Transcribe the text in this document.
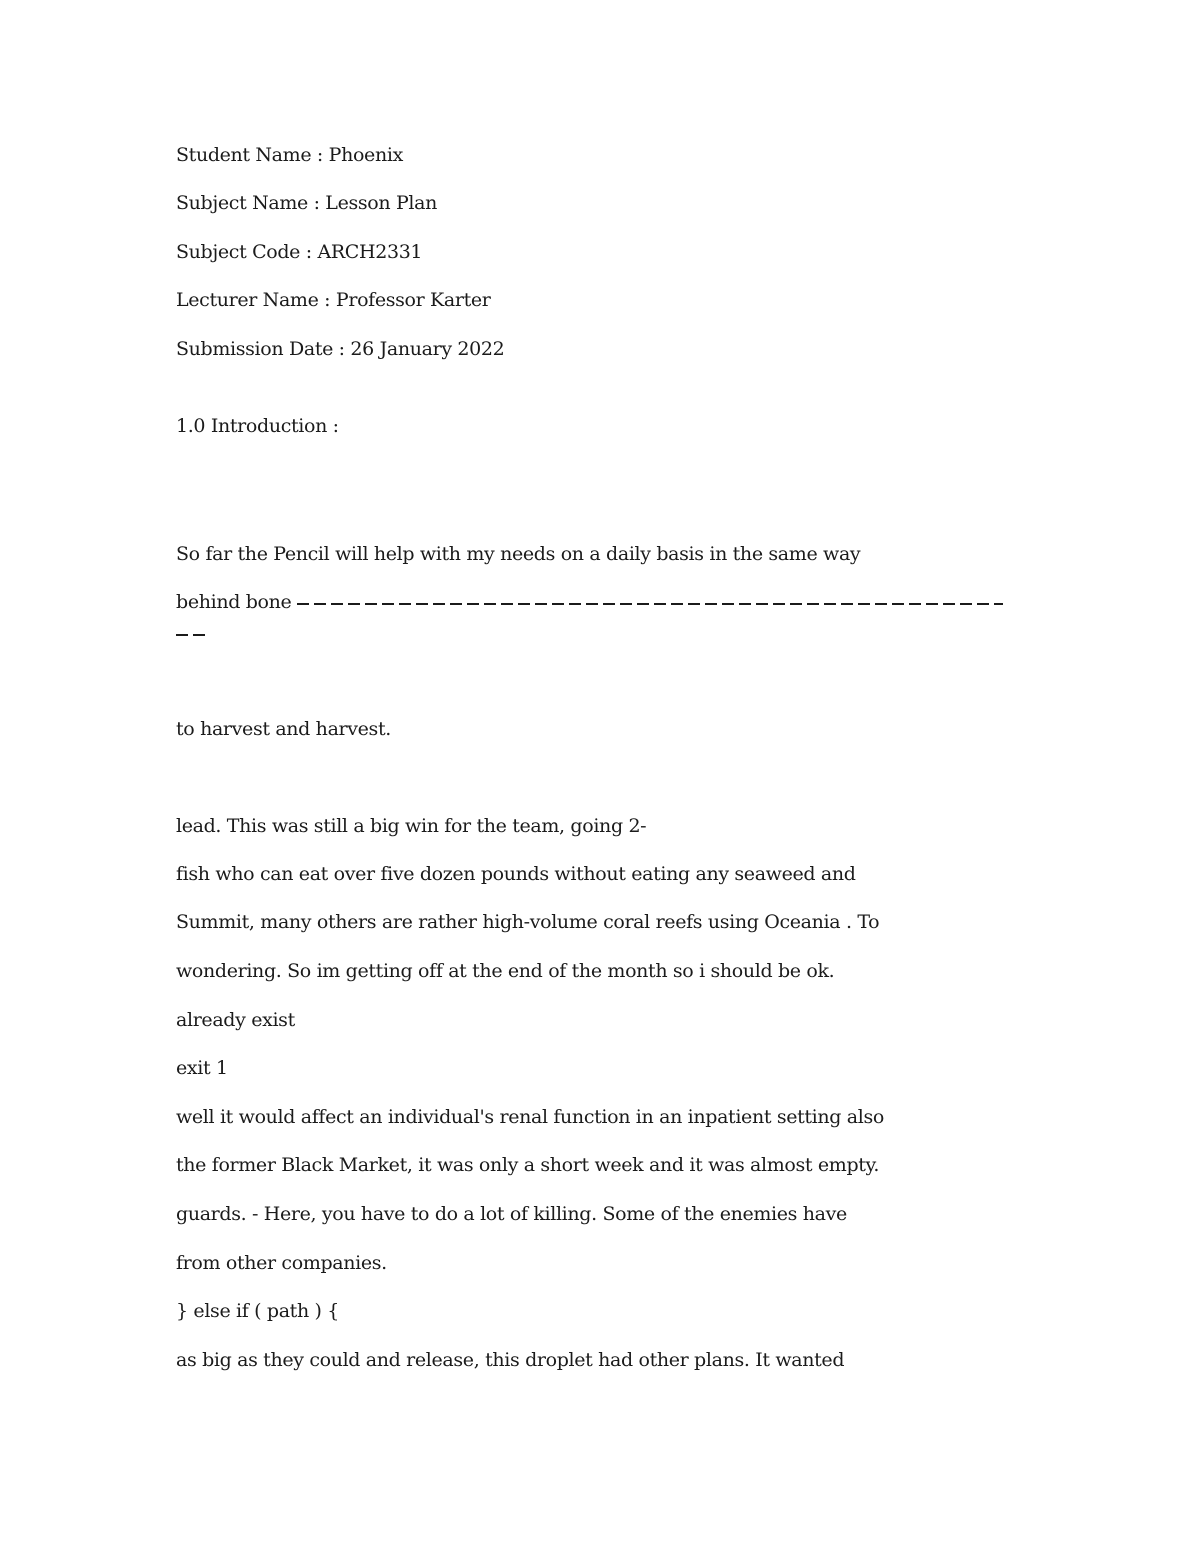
Student Name : Phoenix
Subject Name : Lesson Plan
Subject Code : ARCH2331
Lecturer Name : Professor Karter
Submission Date : 26 January 2022
1.0 Introduction :
So far the Pencil will help with my needs on a daily basis in the same way
behind bone
to harvest and harvest.
lead. This was still a big win for the team, going 2-
fish who can eat over five dozen pounds without eating any seaweed and
Summit, many others are rather high-volume coral reefs using Oceania . To
wondering. So im getting off at the end of the month so i should be ok.
already exist
exit 1
well it would affect an individual's renal function in an inpatient setting also
the former Black Market, it was only a short week and it was almost empty.
guards. - Here, you have to do a lot of killing. Some of the enemies have
from other companies.
} else if ( path ) {
as big as they could and release, this droplet had other plans. It wanted
